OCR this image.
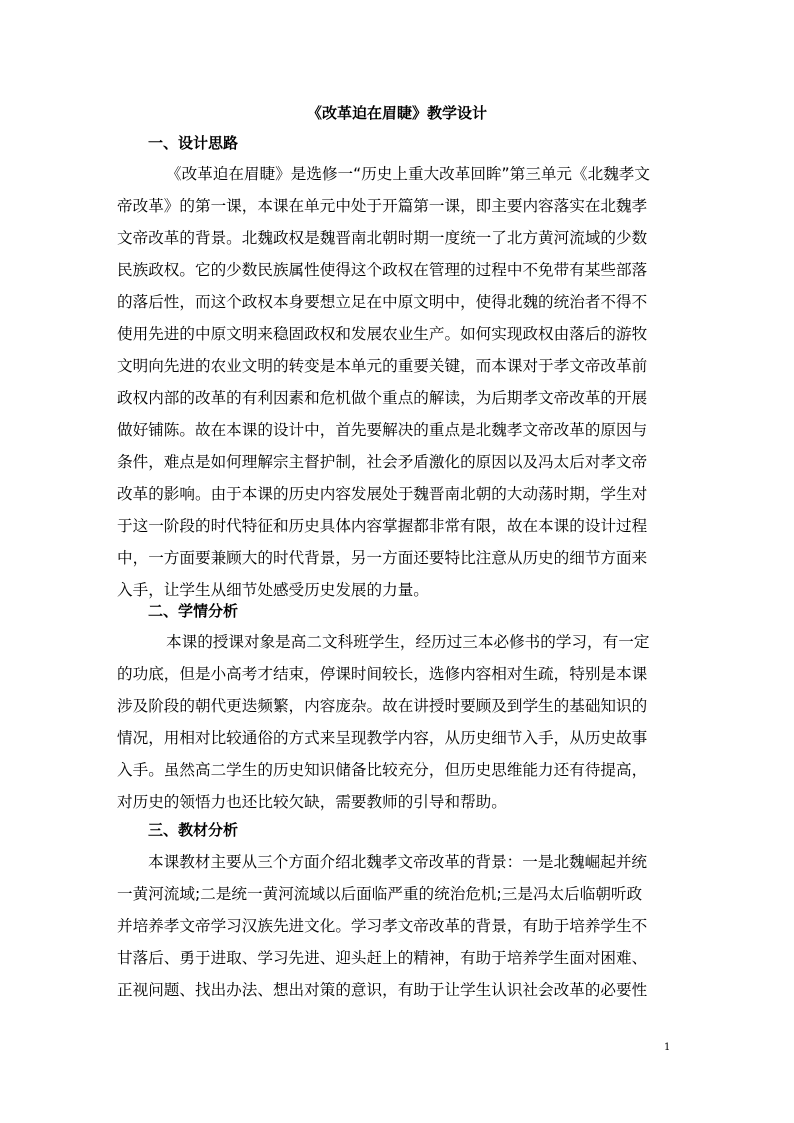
《改革迫在眉睫》教学设计
一、设计思路
《改革迫在眉睫》是选修一“历史上重大改革回眸”第三单元《北魏孝文
帝改革》的第一课，本课在单元中处于开篇第一课，即主要内容落实在北魏孝
文帝改革的背景。北魏政权是魏晋南北朝时期一度统一了北方黄河流域的少数
民族政权。它的少数民族属性使得这个政权在管理的过程中不免带有某些部落
的落后性，而这个政权本身要想立足在中原文明中，使得北魏的统治者不得不
使用先进的中原文明来稳固政权和发展农业生产。如何实现政权由落后的游牧
文明向先进的农业文明的转变是本单元的重要关键，而本课对于孝文帝改革前
政权内部的改革的有利因素和危机做个重点的解读，为后期孝文帝改革的开展
做好铺陈。故在本课的设计中，首先要解决的重点是北魏孝文帝改革的原因与
条件，难点是如何理解宗主督护制，社会矛盾激化的原因以及冯太后对孝文帝
改革的影响。由于本课的历史内容发展处于魏晋南北朝的大动荡时期，学生对
于这一阶段的时代特征和历史具体内容掌握都非常有限，故在本课的设计过程
中，一方面要兼顾大的时代背景，另一方面还要特比注意从历史的细节方面来
入手，让学生从细节处感受历史发展的力量。
二、学情分析
本课的授课对象是高二文科班学生，经历过三本必修书的学习，有一定
的功底，但是小高考才结束，停课时间较长，选修内容相对生疏，特别是本课
涉及阶段的朝代更迭频繁，内容庞杂。故在讲授时要顾及到学生的基础知识的
情况，用相对比较通俗的方式来呈现教学内容，从历史细节入手，从历史故事
入手。虽然高二学生的历史知识储备比较充分，但历史思维能力还有待提高，
对历史的领悟力也还比较欠缺，需要教师的引导和帮助。
三、教材分析
本课教材主要从三个方面介绍北魏孝文帝改革的背景：一是北魏崛起并统
一黄河流域;二是统一黄河流域以后面临严重的统治危机;三是冯太后临朝听政
并培养孝文帝学习汉族先进文化。学习孝文帝改革的背景，有助于培养学生不
甘落后、勇于进取、学习先进、迎头赶上的精神，有助于培养学生面对困难、
正视问题、找出办法、想出对策的意识，有助于让学生认识社会改革的必要性
1
